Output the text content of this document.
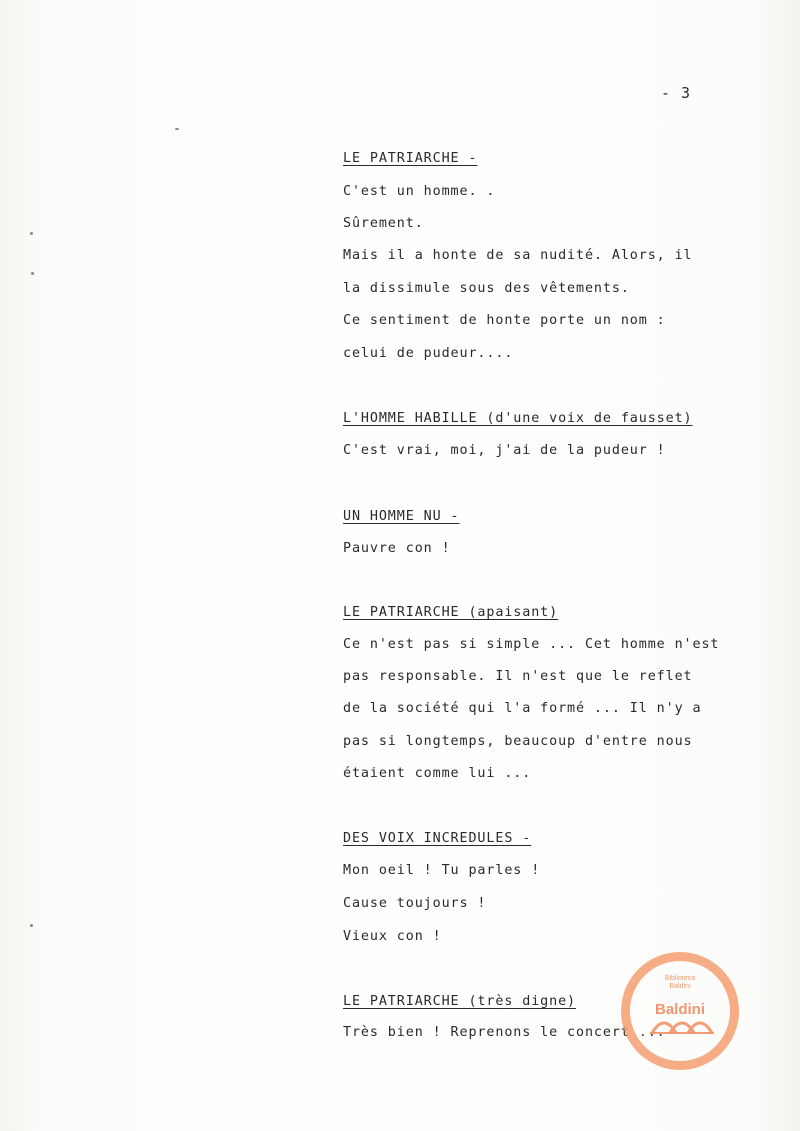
- 3
LE PATRIARCHE -
C'est un homme. .
Sûrement.
Mais il a honte de sa nudité. Alors, il
la dissimule sous des vêtements.
Ce sentiment de honte porte un nom :
celui de pudeur....
L'HOMME HABILLE (d'une voix de fausset)
C'est vrai, moi, j'ai de la pudeur !
UN HOMME NU -
Pauvre con !
LE PATRIARCHE (apaisant)
Ce n'est pas si simple ... Cet homme n'est
pas responsable. Il n'est que le reflet
de la société qui l'a formé ... Il n'y a
pas si longtemps, beaucoup d'entre nous
étaient comme lui ...
DES VOIX INCREDULES -
Mon oeil ! Tu parles !
Cause toujours !
Vieux con !
LE PATRIARCHE (très digne)
Très bien ! Reprenons le concert ...
Biblioteca Baldini
Baldini
